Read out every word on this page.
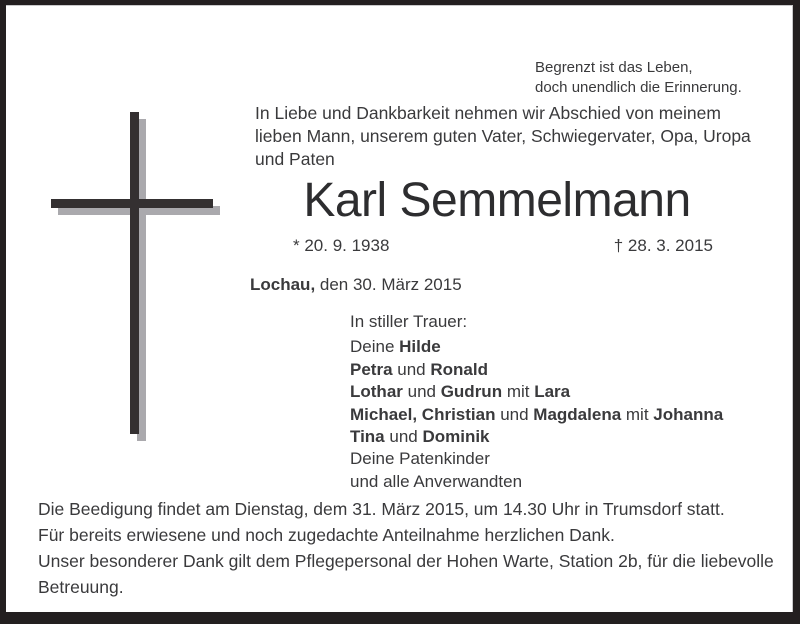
Begrenzt ist das Leben,
doch unendlich die Erinnerung.
In Liebe und Dankbarkeit nehmen wir Abschied von meinem
lieben Mann, unserem guten Vater, Schwiegervater, Opa, Uropa
und Paten
Karl Semmelmann
* 20. 9. 1938	† 28. 3. 2015
Lochau, den 30. März 2015
In stiller Trauer:
Deine Hilde
Petra und Ronald
Lothar und Gudrun mit Lara
Michael, Christian und Magdalena mit Johanna
Tina und Dominik
Deine Patenkinder
und alle Anverwandten
Die Beedigung findet am Dienstag, dem 31. März 2015, um 14.30 Uhr in Trumsdorf statt.
Für bereits erwiesene und noch zugedachte Anteilnahme herzlichen Dank.
Unser besonderer Dank gilt dem Pflegepersonal der Hohen Warte, Station 2b, für die liebevolle
Betreuung.
